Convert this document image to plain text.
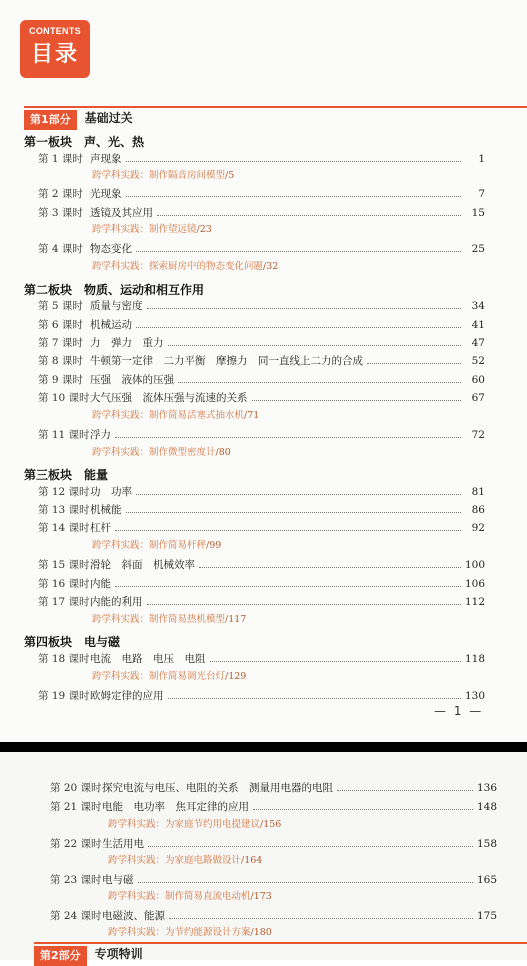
CONTENTS
目录
第1部分 基础过关
第一板块　声、光、热
第 1 课时 声现象	1
跨学科实践：制作隔音房间模型/5
第 2 课时 光现象	7
第 3 课时 透镜及其应用	15
跨学科实践：制作望远镜/23
第 4 课时 物态变化	25
跨学科实践：探索厨房中的物态变化问题/32
第二板块　物质、运动和相互作用
第 5 课时 质量与密度	34
第 6 课时 机械运动	41
第 7 课时 力　弹力　重力	47
第 8 课时 牛顿第一定律　二力平衡　摩擦力　同一直线上二力的合成	52
第 9 课时 压强　液体的压强	60
第 10 课时 大气压强　流体压强与流速的关系	67
跨学科实践：制作简易活塞式抽水机/71
第 11 课时 浮力	72
跨学科实践：制作微型密度计/80
第三板块　能量
第 12 课时 功　功率	81
第 13 课时 机械能	86
第 14 课时 杠杆	92
跨学科实践：制作简易杆秤/99
第 15 课时 滑轮　斜面　机械效率	100
第 16 课时 内能	106
第 17 课时 内能的利用	112
跨学科实践：制作简易热机模型/117
第四板块　电与磁
第 18 课时 电流　电路　电压　电阻	118
跨学科实践：制作简易调光台灯/129
第 19 课时 欧姆定律的应用	130
— 1 —
第 20 课时 探究电流与电压、电阻的关系　测量用电器的电阻	136
第 21 课时 电能　电功率　焦耳定律的应用	148
跨学科实践：为家庭节约用电提建议/156
第 22 课时 生活用电	158
跨学科实践：为家庭电路做设计/164
第 23 课时 电与磁	165
跨学科实践：制作简易直流电动机/173
第 24 课时 电磁波、能源	175
跨学科实践：为节约能源设计方案/180
第2部分 专项特训
